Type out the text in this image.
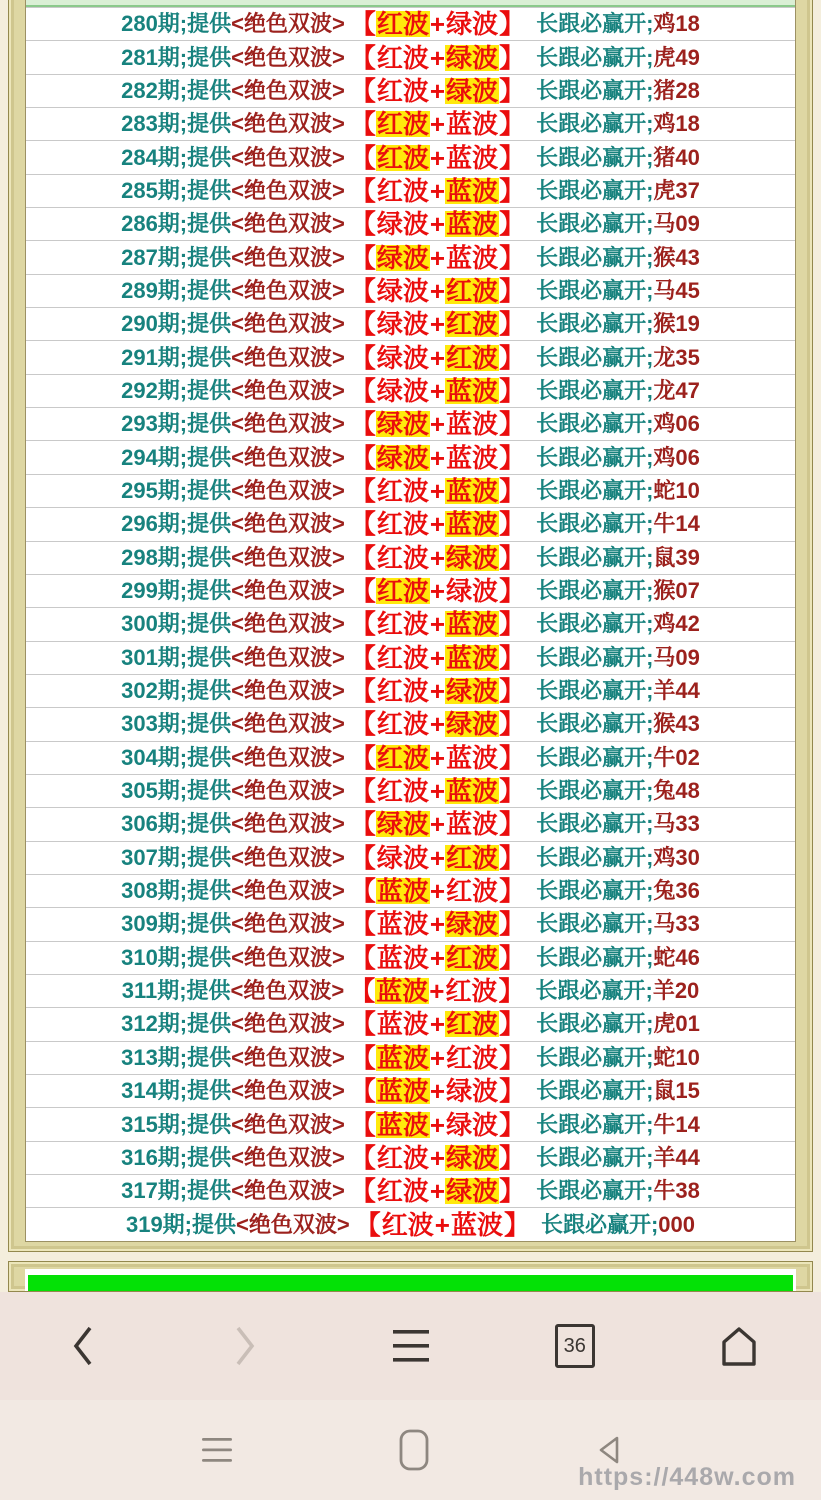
280期;提供 <绝色双波> 【 红波 + 绿波 】 长跟必赢开; 鸡18
281期;提供 <绝色双波> 【 红波 + 绿波 】 长跟必赢开; 虎49
282期;提供 <绝色双波> 【 红波 + 绿波 】 长跟必赢开; 猪28
283期;提供 <绝色双波> 【 红波 + 蓝波 】 长跟必赢开; 鸡18
284期;提供 <绝色双波> 【 红波 + 蓝波 】 长跟必赢开; 猪40
285期;提供 <绝色双波> 【 红波 + 蓝波 】 长跟必赢开; 虎37
286期;提供 <绝色双波> 【 绿波 + 蓝波 】 长跟必赢开; 马09
287期;提供 <绝色双波> 【 绿波 + 蓝波 】 长跟必赢开; 猴43
289期;提供 <绝色双波> 【 绿波 + 红波 】 长跟必赢开; 马45
290期;提供 <绝色双波> 【 绿波 + 红波 】 长跟必赢开; 猴19
291期;提供 <绝色双波> 【 绿波 + 红波 】 长跟必赢开; 龙35
292期;提供 <绝色双波> 【 绿波 + 蓝波 】 长跟必赢开; 龙47
293期;提供 <绝色双波> 【 绿波 + 蓝波 】 长跟必赢开; 鸡06
294期;提供 <绝色双波> 【 绿波 + 蓝波 】 长跟必赢开; 鸡06
295期;提供 <绝色双波> 【 红波 + 蓝波 】 长跟必赢开; 蛇10
296期;提供 <绝色双波> 【 红波 + 蓝波 】 长跟必赢开; 牛14
298期;提供 <绝色双波> 【 红波 + 绿波 】 长跟必赢开; 鼠39
299期;提供 <绝色双波> 【 红波 + 绿波 】 长跟必赢开; 猴07
300期;提供 <绝色双波> 【 红波 + 蓝波 】 长跟必赢开; 鸡42
301期;提供 <绝色双波> 【 红波 + 蓝波 】 长跟必赢开; 马09
302期;提供 <绝色双波> 【 红波 + 绿波 】 长跟必赢开; 羊44
303期;提供 <绝色双波> 【 红波 + 绿波 】 长跟必赢开; 猴43
304期;提供 <绝色双波> 【 红波 + 蓝波 】 长跟必赢开; 牛02
305期;提供 <绝色双波> 【 红波 + 蓝波 】 长跟必赢开; 兔48
306期;提供 <绝色双波> 【 绿波 + 蓝波 】 长跟必赢开; 马33
307期;提供 <绝色双波> 【 绿波 + 红波 】 长跟必赢开; 鸡30
308期;提供 <绝色双波> 【 蓝波 + 红波 】 长跟必赢开; 兔36
309期;提供 <绝色双波> 【 蓝波 + 绿波 】 长跟必赢开; 马33
310期;提供 <绝色双波> 【 蓝波 + 红波 】 长跟必赢开; 蛇46
311期;提供 <绝色双波> 【 蓝波 + 红波 】 长跟必赢开; 羊20
312期;提供 <绝色双波> 【 蓝波 + 红波 】 长跟必赢开; 虎01
313期;提供 <绝色双波> 【 蓝波 + 红波 】 长跟必赢开; 蛇10
314期;提供 <绝色双波> 【 蓝波 + 绿波 】 长跟必赢开; 鼠15
315期;提供 <绝色双波> 【 蓝波 + 绿波 】 长跟必赢开; 牛14
316期;提供 <绝色双波> 【 红波 + 绿波 】 长跟必赢开; 羊44
317期;提供 <绝色双波> 【 红波 + 绿波 】 长跟必赢开; 牛38
319期;提供 <绝色双波> 【 红波 + 蓝波 】 长跟必赢开; 000
36
https://448w.com
